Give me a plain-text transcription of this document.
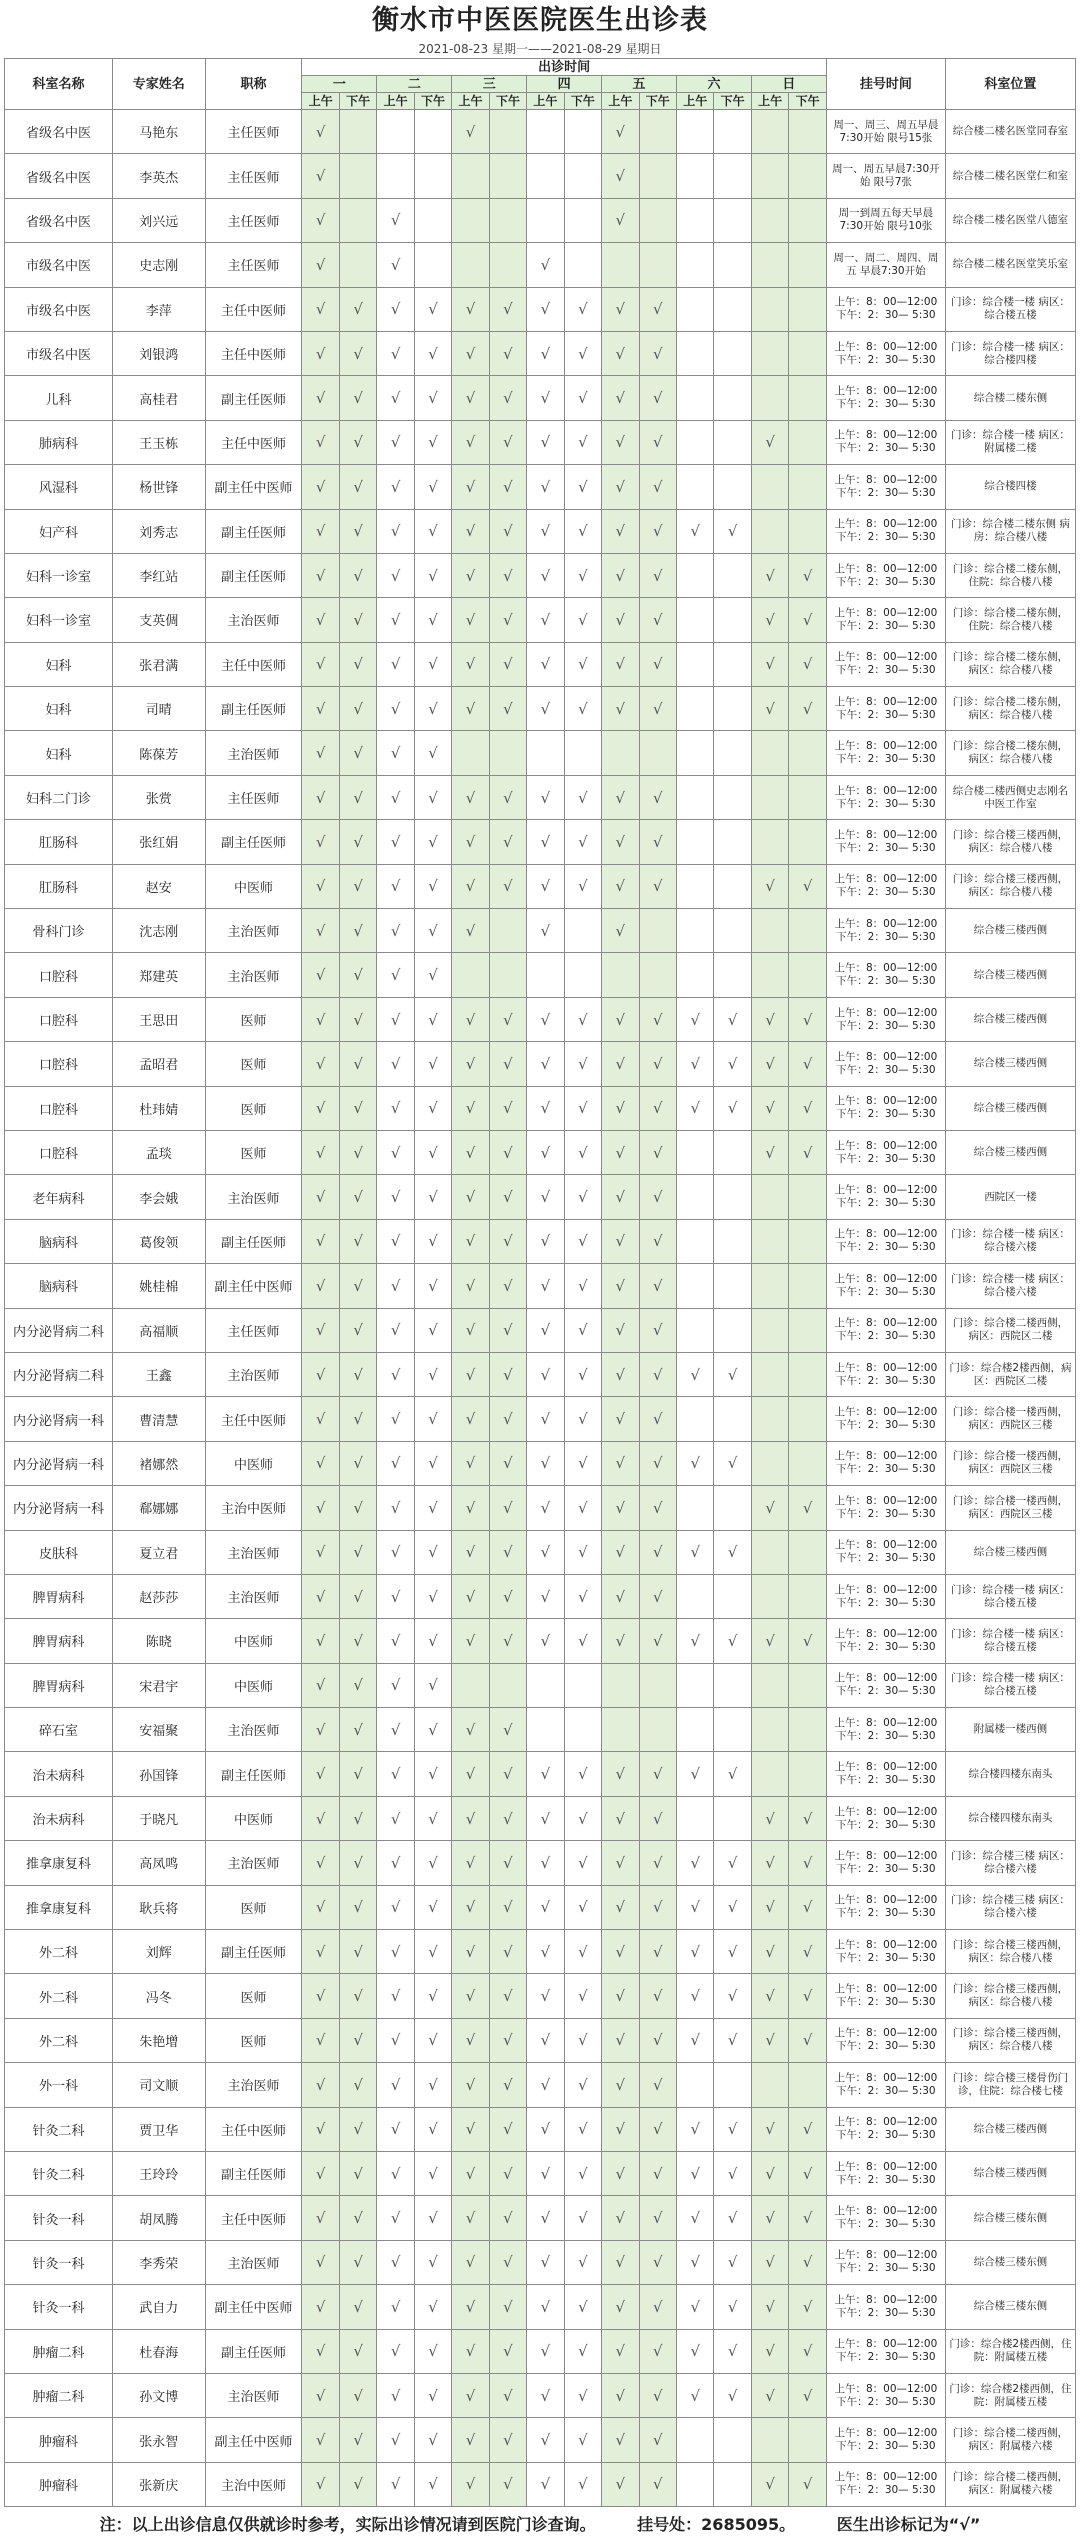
衡水市中医医院医生出诊表
2021-08-23 星期一——2021-08-29 星期日
科室名称	专家姓名	职称	出诊时间														挂号时间	科室位置
			一		二		三		四		五		六		日			
			上午	下午	上午	下午	上午	下午	上午	下午	上午	下午	上午	下午	上午	下午		
省级名中医	马艳东	主任医师	√				√				√						周一、周三、周五早晨7:30开始 限号15张	综合楼二楼名医堂同春室
省级名中医	李英杰	主任医师	√								√						周一、周五早晨7:30开始 限号7张	综合楼二楼名医堂仁和室
省级名中医	刘兴远	主任医师	√		√						√						周一到周五每天早晨7:30开始 限号10张	综合楼二楼名医堂八德室
市级名中医	史志刚	主任医师	√		√				√								周一、周二、周四、周五 早晨7:30开始	综合楼二楼名医堂笑乐室
市级名中医	李萍	主任中医师	√	√	√	√	√	√	√	√	√	√					上午：8：00—12:00 下午：2：30— 5:30	门诊：综合楼一楼 病区：综合楼五楼
市级名中医	刘银鸿	主任中医师	√	√	√	√	√	√	√	√	√	√					上午：8：00—12:00 下午：2：30— 5:30	门诊：综合楼一楼 病区：综合楼四楼
儿科	高桂君	副主任医师	√	√	√	√	√	√	√	√	√	√					上午：8：00—12:00 下午：2：30— 5:30	综合楼二楼东侧
肺病科	王玉栋	主任中医师	√	√	√	√	√	√	√	√	√	√			√		上午：8：00—12:00 下午：2：30— 5:30	门诊：综合楼一楼 病区：附属楼二楼
风湿科	杨世锋	副主任中医师	√	√	√	√	√	√	√	√	√	√					上午：8：00—12:00 下午：2：30— 5:30	综合楼四楼
妇产科	刘秀志	副主任医师	√	√	√	√	√	√	√	√	√	√	√	√			上午：8：00—12:00 下午：2：30— 5:30	门诊：综合楼二楼东侧 病房：综合楼八楼
妇科一诊室	李红站	副主任医师	√	√	√	√	√	√	√	√	√	√			√	√	上午：8：00—12:00 下午：2：30— 5:30	门诊：综合楼二楼东侧，住院：综合楼八楼
妇科一诊室	支英倜	主治医师	√	√	√	√	√	√	√	√	√	√			√	√	上午：8：00—12:00 下午：2：30— 5:30	门诊：综合楼二楼东侧，住院：综合楼八楼
妇科	张君满	主任中医师	√	√	√	√	√	√	√	√	√	√			√	√	上午：8：00—12:00 下午：2：30— 5:30	门诊：综合楼二楼东侧，病区：综合楼八楼
妇科	司晴	副主任医师	√	√	√	√	√	√	√	√	√	√			√	√	上午：8：00—12:00 下午：2：30— 5:30	门诊：综合楼二楼东侧，病区：综合楼八楼
妇科	陈葆芳	主治医师	√	√	√	√											上午：8：00—12:00 下午：2：30— 5:30	门诊：综合楼二楼东侧，病区：综合楼八楼
妇科二门诊	张赏	主任医师	√	√	√	√	√	√	√	√	√	√					上午：8：00—12:00 下午：2：30— 5:30	综合楼二楼西侧史志刚名中医工作室
肛肠科	张红娟	副主任医师	√	√	√	√	√	√	√	√	√	√					上午：8：00—12:00 下午：2：30— 5:30	门诊：综合楼三楼西侧，病区：综合楼八楼
肛肠科	赵安	中医师	√	√	√	√	√	√	√	√	√	√			√	√	上午：8：00—12:00 下午：2：30— 5:30	门诊：综合楼三楼西侧，病区：综合楼八楼
骨科门诊	沈志刚	主治医师	√	√	√	√	√		√		√						上午：8：00—12:00 下午：2：30— 5:30	综合楼三楼西侧
口腔科	郑建英	主治医师	√	√	√	√											上午：8：00—12:00 下午：2：30— 5:30	综合楼三楼西侧
口腔科	王思田	医师	√	√	√	√	√	√	√	√	√	√	√	√	√	√	上午：8：00—12:00 下午：2：30— 5:30	综合楼三楼西侧
口腔科	孟昭君	医师	√	√	√	√	√	√	√	√	√	√	√	√	√	√	上午：8：00—12:00 下午：2：30— 5:30	综合楼三楼西侧
口腔科	杜玮婧	医师	√	√	√	√	√	√	√	√	√	√	√	√	√	√	上午：8：00—12:00 下午：2：30— 5:30	综合楼三楼西侧
口腔科	孟琰	医师	√	√	√	√	√	√	√	√	√	√			√	√	上午：8：00—12:00 下午：2：30— 5:30	综合楼三楼西侧
老年病科	李会娥	主治医师	√	√	√	√	√	√	√	√	√	√					上午：8：00—12:00 下午：2：30— 5:30	西院区一楼
脑病科	葛俊领	副主任医师	√	√	√	√	√	√	√	√	√	√					上午：8：00—12:00 下午：2：30— 5:30	门诊：综合楼一楼 病区：综合楼六楼
脑病科	姚桂棉	副主任中医师	√	√	√	√	√	√	√	√	√	√					上午：8：00—12:00 下午：2：30— 5:30	门诊：综合楼一楼 病区：综合楼六楼
内分泌肾病二科	高福顺	主任医师	√	√	√	√	√	√	√	√	√	√					上午：8：00—12:00 下午：2：30— 5:30	门诊：综合楼二楼西侧，病区：西院区二楼
内分泌肾病二科	王鑫	主治医师	√	√	√	√	√	√	√	√	√	√	√	√			上午：8：00—12:00 下午：2：30— 5:30	门诊：综合楼2楼西侧，病区：西院区二楼
内分泌肾病一科	曹清慧	主任中医师	√	√	√	√	√	√	√	√	√	√					上午：8：00—12:00 下午：2：30— 5:30	门诊：综合楼一楼西侧，病区：西院区三楼
内分泌肾病一科	褚娜然	中医师	√	√	√	√	√	√	√	√	√	√	√	√			上午：8：00—12:00 下午：2：30— 5:30	门诊：综合楼一楼西侧，病区：西院区三楼
内分泌肾病一科	郗娜娜	主治中医师	√	√	√	√	√	√	√	√	√	√			√	√	上午：8：00—12:00 下午：2：30— 5:30	门诊：综合楼一楼西侧，病区：西院区三楼
皮肤科	夏立君	主治医师	√	√	√	√	√	√	√	√	√	√	√	√			上午：8：00—12:00 下午：2：30— 5:30	综合楼三楼西侧
脾胃病科	赵莎莎	主治医师	√	√	√	√	√	√	√	√	√	√					上午：8：00—12:00 下午：2：30— 5:30	门诊：综合楼一楼 病区：综合楼五楼
脾胃病科	陈晓	中医师	√	√	√	√	√	√	√	√	√	√	√	√	√	√	上午：8：00—12:00 下午：2：30— 5:30	门诊：综合楼一楼 病区：综合楼五楼
脾胃病科	宋君宇	中医师	√	√	√	√											上午：8：00—12:00 下午：2：30— 5:30	门诊：综合楼一楼 病区：综合楼五楼
碎石室	安福聚	主治医师	√	√	√	√	√	√									上午：8：00—12:00 下午：2：30— 5:30	附属楼一楼西侧
治未病科	孙国锋	副主任医师	√	√	√	√	√	√	√	√	√	√	√	√			上午：8：00—12:00 下午：2：30— 5:30	综合楼四楼东南头
治未病科	于晓凡	中医师	√	√	√	√	√	√	√	√	√	√			√	√	上午：8：00—12:00 下午：2：30— 5:30	综合楼四楼东南头
推拿康复科	高凤鸣	主治医师	√	√	√	√	√	√	√	√	√	√	√	√	√	√	上午：8：00—12:00 下午：2：30— 5:30	门诊：综合楼三楼 病区：综合楼六楼
推拿康复科	耿兵将	医师	√	√	√	√	√	√	√	√	√	√	√	√	√	√	上午：8：00—12:00 下午：2：30— 5:30	门诊：综合楼三楼 病区：综合楼六楼
外二科	刘辉	副主任医师	√	√	√	√	√	√	√	√	√	√	√	√	√	√	上午：8：00—12:00 下午：2：30— 5:30	门诊：综合楼三楼西侧，病区：综合楼八楼
外二科	冯冬	医师	√	√	√	√	√	√	√	√	√	√	√	√	√	√	上午：8：00—12:00 下午：2：30— 5:30	门诊：综合楼三楼西侧，病区：综合楼八楼
外二科	朱艳增	医师	√	√	√	√	√	√	√	√	√	√	√	√	√	√	上午：8：00—12:00 下午：2：30— 5:30	门诊：综合楼三楼西侧，病区：综合楼八楼
外一科	司文顺	主治医师	√	√	√	√	√	√	√	√	√	√					上午：8：00—12:00 下午：2：30— 5:30	门诊：综合楼三楼骨伤门诊，住院：综合楼七楼
针灸二科	贾卫华	主任中医师	√	√	√	√	√	√	√	√	√	√	√	√	√	√	上午：8：00—12:00 下午：2：30— 5:30	综合楼三楼西侧
针灸二科	王玲玲	副主任医师	√	√	√	√	√	√	√	√	√	√	√	√	√	√	上午：8：00—12:00 下午：2：30— 5:30	综合楼三楼西侧
针灸一科	胡凤腾	主任中医师	√	√	√	√	√	√	√	√	√	√	√	√	√	√	上午：8：00—12:00 下午：2：30— 5:30	综合楼三楼东侧
针灸一科	李秀荣	主治医师	√	√	√	√	√	√	√	√	√	√	√	√	√	√	上午：8：00—12:00 下午：2：30— 5:30	综合楼三楼东侧
针灸一科	武自力	副主任中医师	√	√	√	√	√	√	√	√	√	√	√	√	√	√	上午：8：00—12:00 下午：2：30— 5:30	综合楼三楼东侧
肿瘤二科	杜春海	副主任医师	√	√	√	√	√	√	√	√	√	√	√	√	√	√	上午：8：00—12:00 下午：2：30— 5:30	门诊：综合楼2楼西侧，住院：附属楼五楼
肿瘤二科	孙文博	主治医师	√	√	√	√	√	√	√	√	√	√	√	√	√	√	上午：8：00—12:00 下午：2：30— 5:30	门诊：综合楼2楼西侧，住院：附属楼五楼
肿瘤科	张永智	副主任中医师	√	√	√	√	√	√	√	√	√	√					上午：8：00—12:00 下午：2：30— 5:30	门诊：综合楼二楼西侧，病区：附属楼六楼
肿瘤科	张新庆	主治中医师	√	√	√	√	√	√	√	√	√	√			√	√	上午：8：00—12:00 下午：2：30— 5:30	门诊：综合楼二楼西侧，病区：附属楼六楼
注：以上出诊信息仅供就诊时参考，实际出诊情况请到医院门诊查询。	挂号处：2685095。	医生出诊标记为“√”
